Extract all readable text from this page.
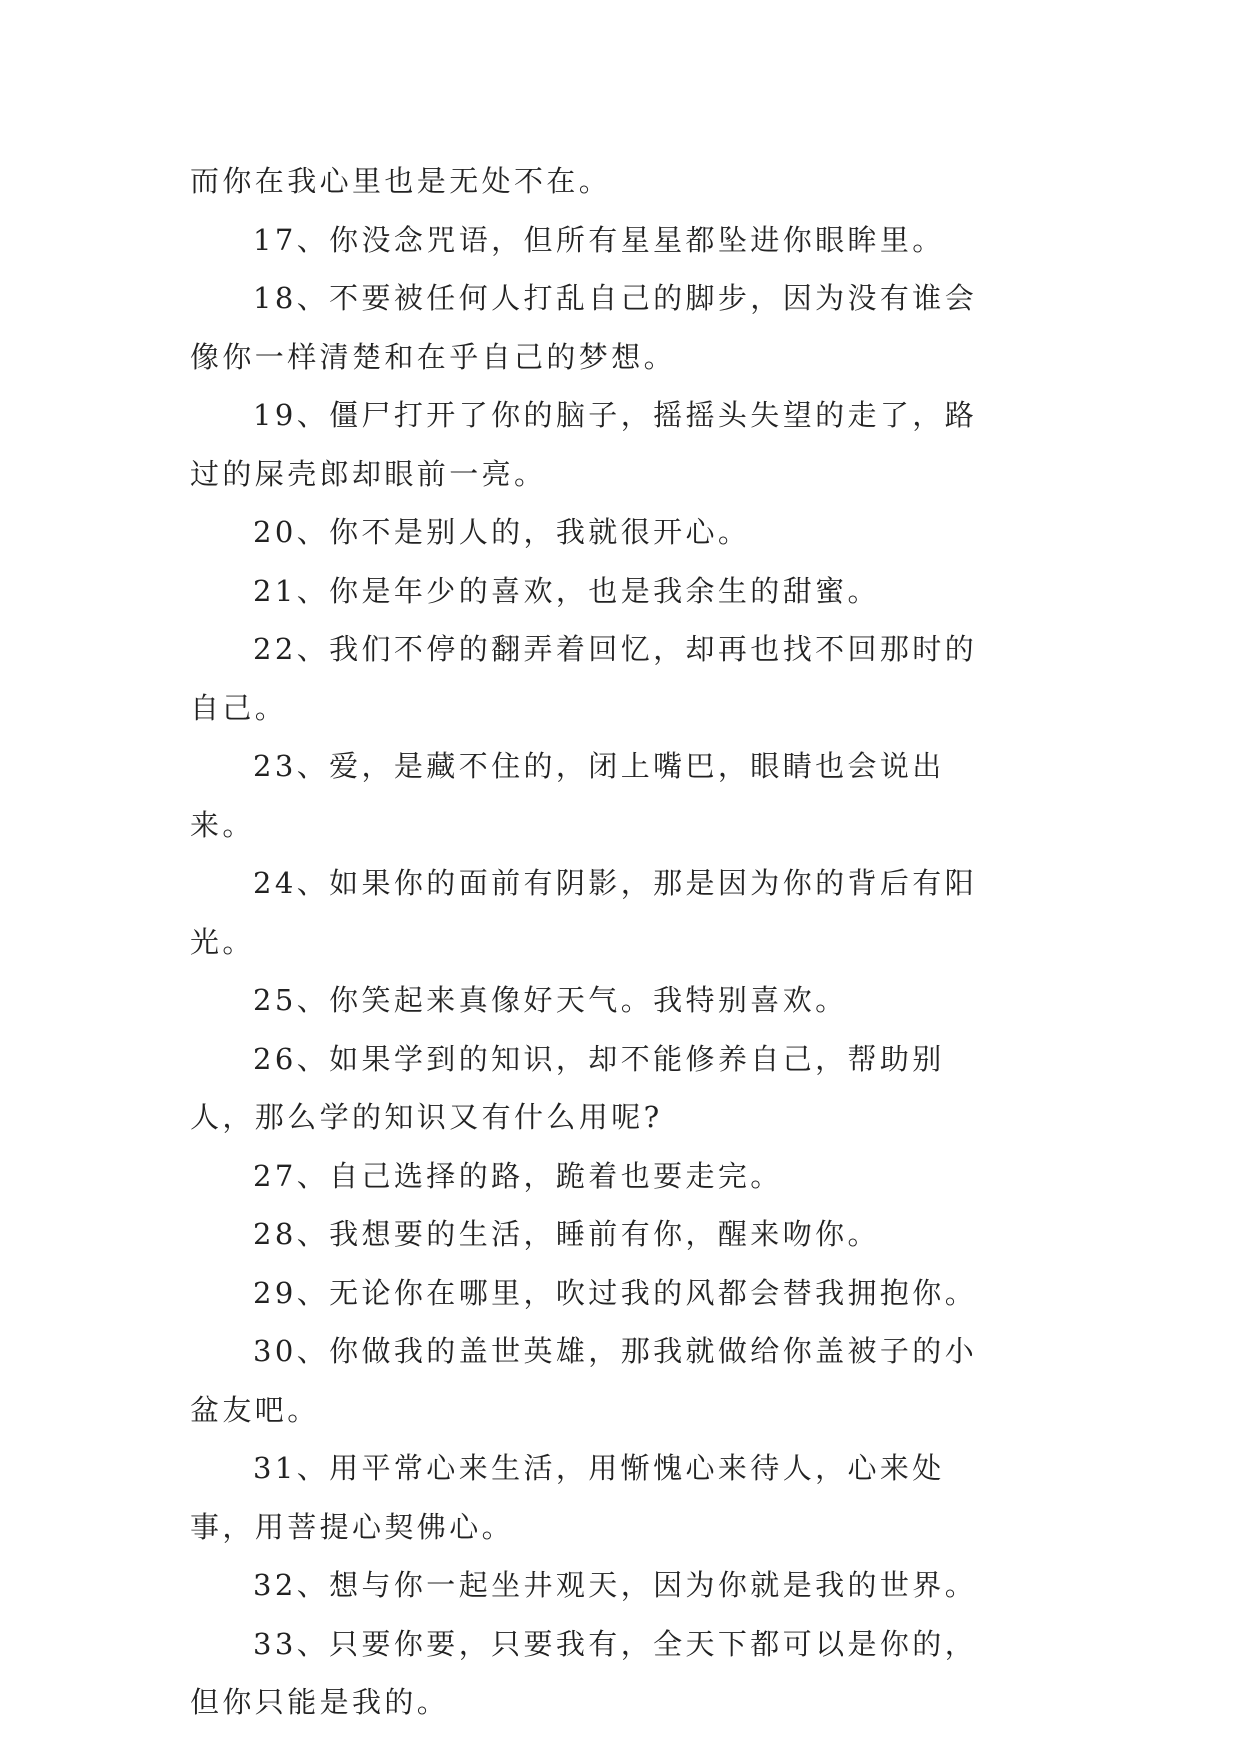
而你在我心里也是无处不在。

17、你没念咒语，但所有星星都坠进你眼眸里。

18、不要被任何人打乱自己的脚步，因为没有谁会像你一样清楚和在乎自己的梦想。

19、僵尸打开了你的脑子，摇摇头失望的走了，路过的屎壳郎却眼前一亮。

20、你不是别人的，我就很开心。

21、你是年少的喜欢，也是我余生的甜蜜。

22、我们不停的翻弄着回忆，却再也找不回那时的自己。

23、爱，是藏不住的，闭上嘴巴，眼睛也会说出来。

24、如果你的面前有阴影，那是因为你的背后有阳光。

25、你笑起来真像好天气。我特别喜欢。

26、如果学到的知识，却不能修养自己，帮助别人，那么学的知识又有什么用呢?

27、自己选择的路，跪着也要走完。

28、我想要的生活，睡前有你，醒来吻你。

29、无论你在哪里，吹过我的风都会替我拥抱你。

30、你做我的盖世英雄，那我就做给你盖被子的小盆友吧。

31、用平常心来生活，用惭愧心来待人，心来处事，用菩提心契佛心。

32、想与你一起坐井观天，因为你就是我的世界。

33、只要你要，只要我有，全天下都可以是你的，但你只能是我的。
